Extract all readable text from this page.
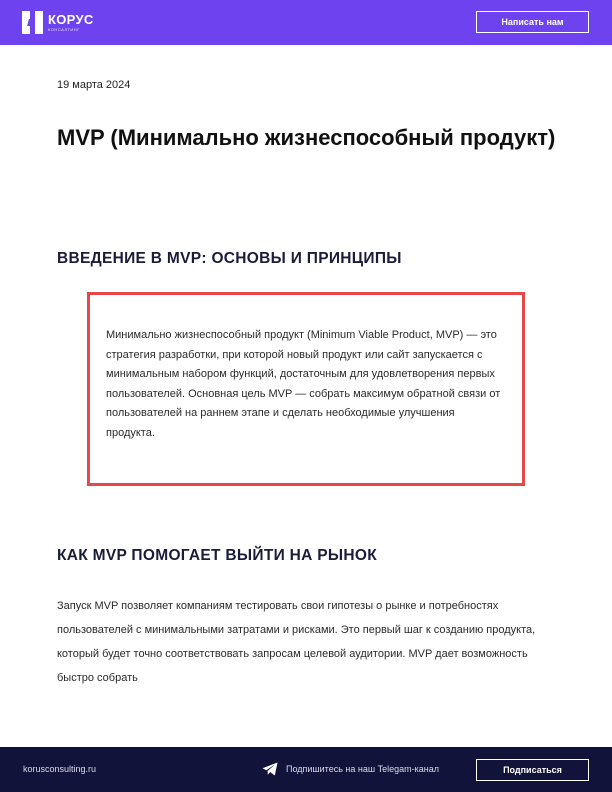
КОРУС
КОНСАЛТИНГ
Написать нам
19 марта 2024
MVP (Минимально жизнеспособный продукт)
ВВЕДЕНИЕ В MVP: ОСНОВЫ И ПРИНЦИПЫ

Минимально жизнеспособный продукт (Minimum Viable Product, MVP) — это стратегия разработки, при которой новый продукт или сайт запускается с минимальным набором функций, достаточным для удовлетворения первых пользователей. Основная цель MVP — собрать максимум обратной связи от пользователей на раннем этапе и сделать необходимые улучшения продукта.

КАК MVP ПОМОГАЕТ ВЫЙТИ НА РЫНОК

Запуск MVP позволяет компаниям тестировать свои гипотезы о рынке и потребностях пользователей с минимальными затратами и рисками. Это первый шаг к созданию продукта, который будет точно соответствовать запросам целевой аудитории. MVP дает возможность быстро собрать

korusconsulting.ru	Подпишитесь на наш Telegam-канал	Подписаться
